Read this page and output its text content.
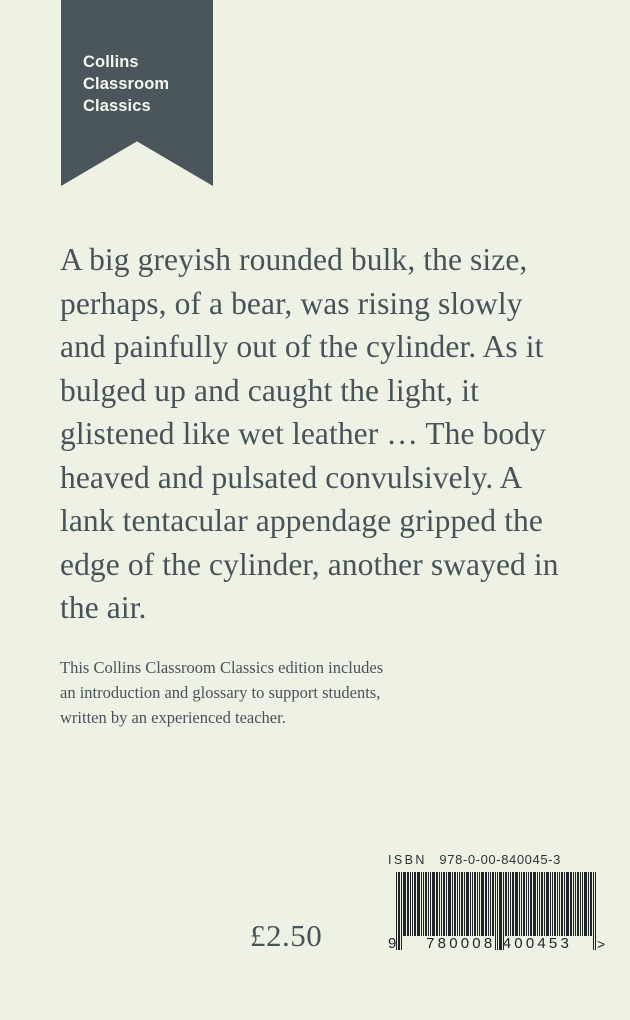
Collins
Classroom
Classics
A big greyish rounded bulk, the size, perhaps, of a bear, was rising slowly and painfully out of the cylinder. As it bulged up and caught the light, it glistened like wet leather … The body heaved and pulsated convulsively. A lank tentacular appendage gripped the edge of the cylinder, another swayed in the air.
This Collins Classroom Classics edition includes
an introduction and glossary to support students,
written by an experienced teacher.
£2.50
ISBN 978-0-00-840045-3
9 780008 400453 >
